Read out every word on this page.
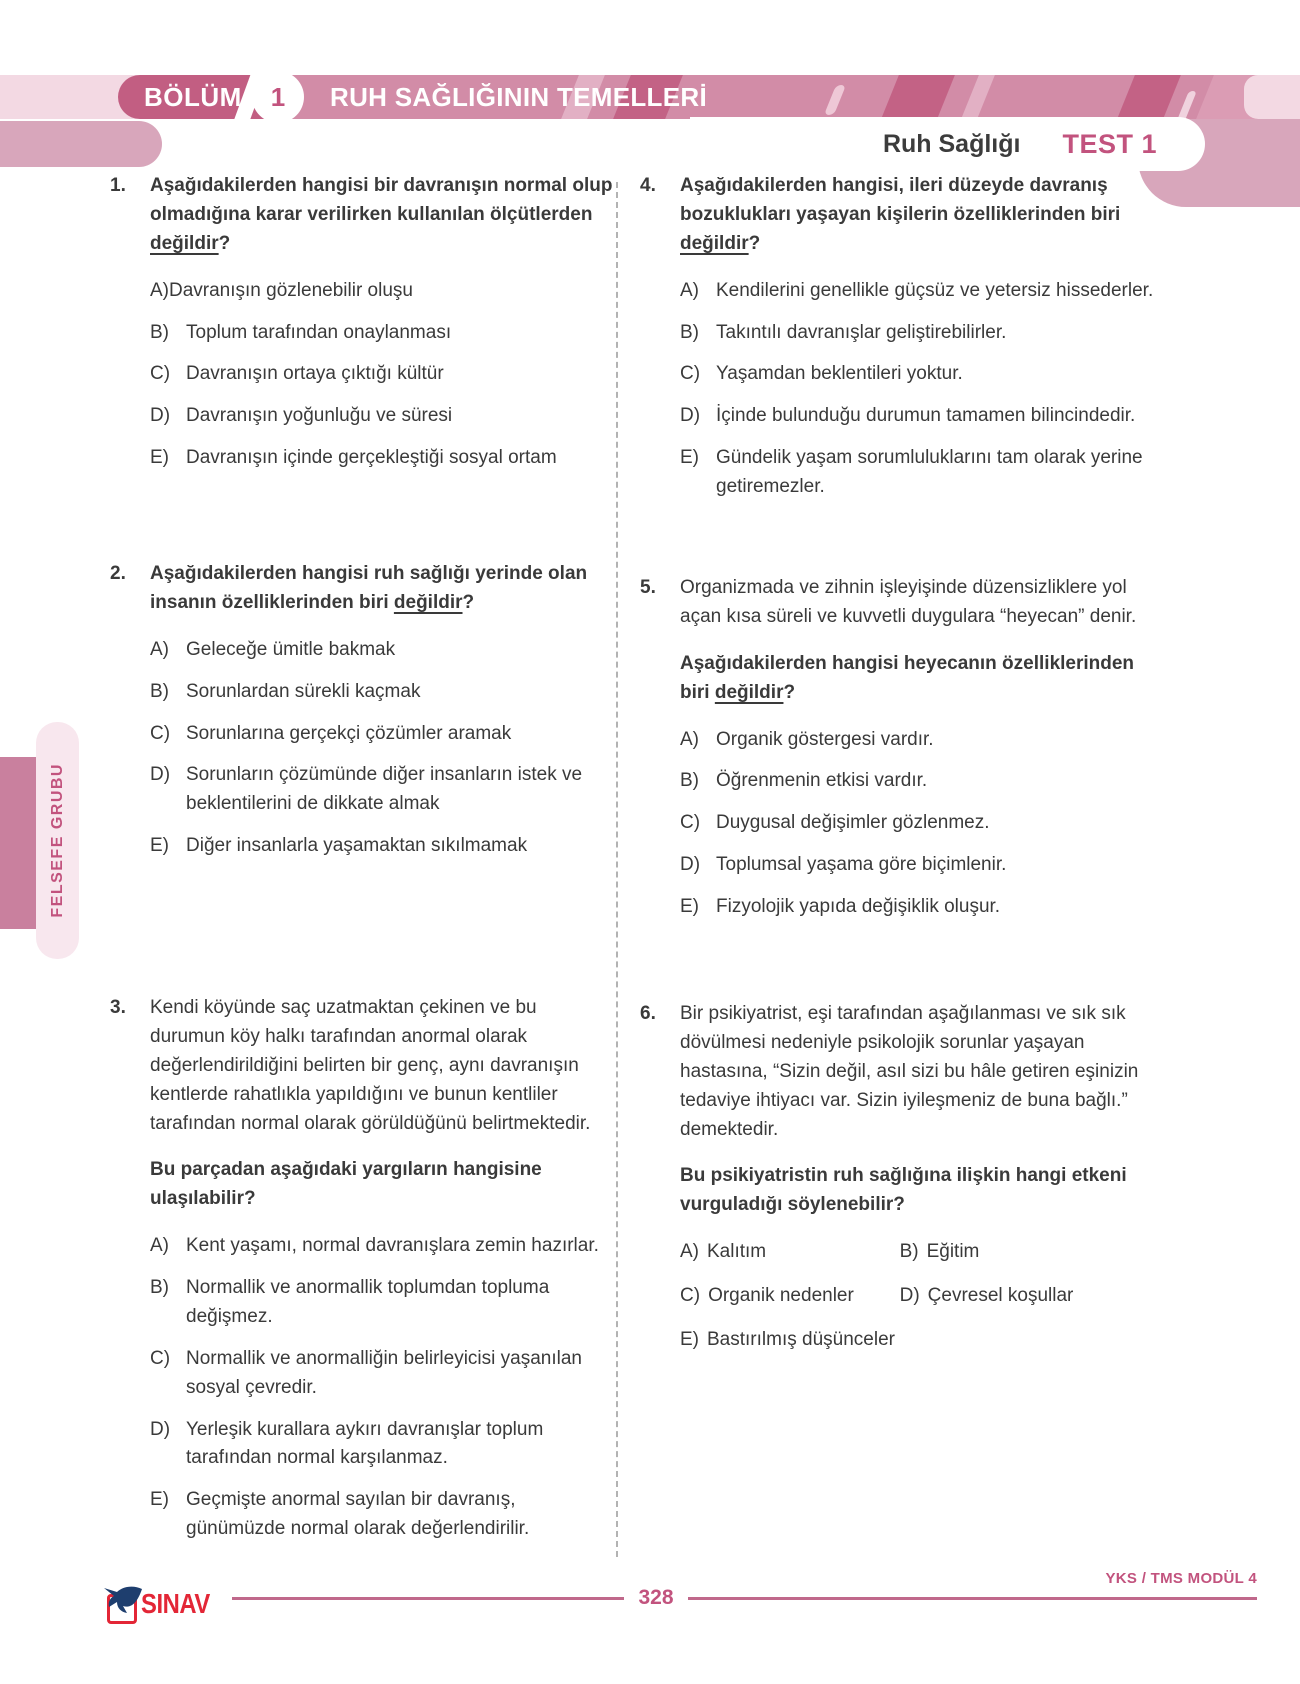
BÖLÜM 1 RUH SAĞLIĞININ TEMELLERİ
Ruh Sağlığı TEST 1
FELSEFE GRUBU
1.	Aşağıdakilerden hangisi bir davranışın normal olup olmadığına karar verilirken kullanılan ölçütlerden değildir?

A) Davranışın gözlenebilir oluşu
B) Toplum tarafından onaylanması
C) Davranışın ortaya çıktığı kültür
D) Davranışın yoğunluğu ve süresi
E) Davranışın içinde gerçekleştiği sosyal ortam
2.	Aşağıdakilerden hangisi ruh sağlığı yerinde olan insanın özelliklerinden biri değildir?

A) Geleceğe ümitle bakmak
B) Sorunlardan sürekli kaçmak
C) Sorunlarına gerçekçi çözümler aramak
D) Sorunların çözümünde diğer insanların istek ve beklentilerini de dikkate almak
E) Diğer insanlarla yaşamaktan sıkılmamak
3.	Kendi köyünde saç uzatmaktan çekinen ve bu durumun köy halkı tarafından anormal olarak değerlendirildiğini belirten bir genç, aynı davranışın kentlerde rahatlıkla yapıldığını ve bunun kentliler tarafından normal olarak görüldüğünü belirtmektedir.

Bu parçadan aşağıdaki yargıların hangisine ulaşılabilir?

A) Kent yaşamı, normal davranışlara zemin hazırlar.
B) Normallik ve anormallik toplumdan topluma değişmez.
C) Normallik ve anormalliğin belirleyicisi yaşanılan sosyal çevredir.
D) Yerleşik kurallara aykırı davranışlar toplum tarafından normal karşılanmaz.
E) Geçmişte anormal sayılan bir davranış, günümüzde normal olarak değerlendirilir.
4.	Aşağıdakilerden hangisi, ileri düzeyde davranış bozuklukları yaşayan kişilerin özelliklerinden biri değildir?

A) Kendilerini genellikle güçsüz ve yetersiz hissederler.
B) Takıntılı davranışlar geliştirebilirler.
C) Yaşamdan beklentileri yoktur.
D) İçinde bulunduğu durumun tamamen bilincindedir.
E) Gündelik yaşam sorumluluklarını tam olarak yerine getiremezler.
5.	Organizmada ve zihnin işleyişinde düzensizliklere yol açan kısa süreli ve kuvvetli duygulara “heyecan” denir.

Aşağıdakilerden hangisi heyecanın özelliklerinden biri değildir?

A) Organik göstergesi vardır.
B) Öğrenmenin etkisi vardır.
C) Duygusal değişimler gözlenmez.
D) Toplumsal yaşama göre biçimlenir.
E) Fizyolojik yapıda değişiklik oluşur.
6.	Bir psikiyatrist, eşi tarafından aşağılanması ve sık sık dövülmesi nedeniyle psikolojik sorunlar yaşayan hastasına, “Sizin değil, asıl sizi bu hâle getiren eşinizin tedaviye ihtiyacı var. Sizin iyileşmeniz de buna bağlı.” demektedir.

Bu psikiyatristin ruh sağlığına ilişkin hangi etkeni vurguladığı söylenebilir?

A) Kalıtım	B) Eğitim
C) Organik nedenler	D) Çevresel koşullar
E) Bastırılmış düşünceler
SINAV	328
YKS / TMS MODÜL 4
